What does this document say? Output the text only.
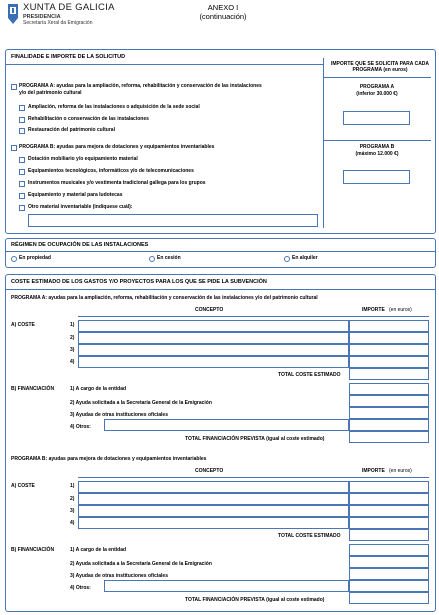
XUNTA DE GALICIA
PRESIDENCIA
Secretaría Xeral da Emigración
ANEXO I
(continuación)
FINALIDADE E IMPORTE DE LA SOLICITUD
IMPORTE QUE SE SOLICITA PARA CADA PROGRAMA (en euros)
PROGRAMA A
(inferior 30.000 €)
PROGRAMA B
(máximo 12.000 €)
PROGRAMA A: ayudas para la ampliación, reforma, rehabilitación y conservación de las instalaciones
y/o del patrimonio cultural
Ampliación, reforma de las instalaciones o adquisición de la sede social
Rehabilitación o conservación de las instalaciones
Restauración del patrimonio cultural
PROGRAMA B: ayudas para mejora de dotaciones y equipamientos inventariables
Dotación mobiliario y/o equipamiento material
Equipamientos tecnológicos, informáticos y/o de telecomunicaciones
Instrumentos musicales y/o vestimenta tradicional gallega para los grupos
Equipamiento y material para ludotecas
Otro material inventariable (indíquese cuál):
RÉGIMEN DE OCUPACIÓN DE LAS INSTALACIONES
En propiedad	En cesión	En alquiler
COSTE ESTIMADO DE LOS GASTOS Y/O PROYECTOS PARA LOS QUE SE PIDE LA SUBVENCIÓN
PROGRAMA A: ayudas para la ampliación, reforma, rehabilitación y conservación de las instalaciones y/o del patrimonio cultural
CONCEPTO	IMPORTE (en euros)
A) COSTE	1)
2)
3)
4)
TOTAL COSTE ESTIMADO
B) FINANCIACIÓN	1) A cargo de la entidad
2) Ayuda solicitada a la Secretaría General de la Emigración
3) Ayudas de otras instituciones oficiales
4) Otros:
TOTAL FINANCIACIÓN PREVISTA (igual al coste estimado)
PROGRAMA B: ayudas para mejora de dotaciones y equipamientos inventariables
CONCEPTO	IMPORTE (en euros)
A) COSTE	1)
2)
3)
4)
TOTAL COSTE ESTIMADO
B) FINANCIACIÓN	1) A cargo de la entidad
2) Ayuda solicitada a la Secretaría General de la Emigración
3) Ayudas de otras instituciones oficiales
4) Otros:
TOTAL FINANCIACIÓN PREVISTA (igual al coste estimado)
